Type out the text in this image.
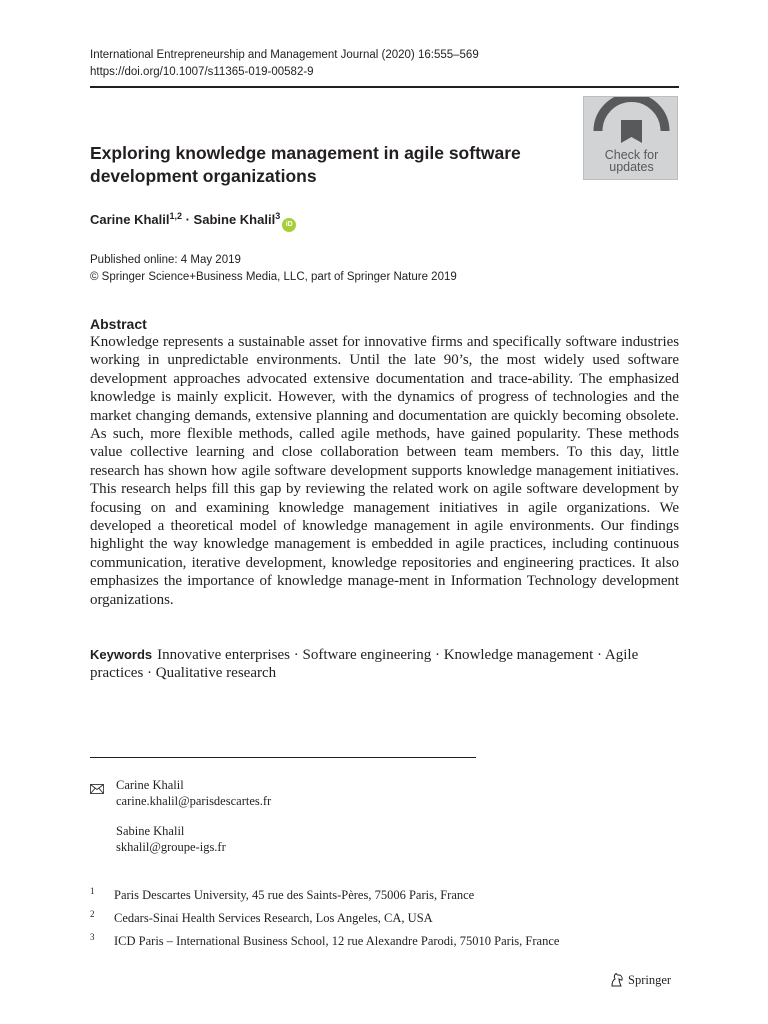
International Entrepreneurship and Management Journal (2020) 16:555–569
https://doi.org/10.1007/s11365-019-00582-9
Exploring knowledge management in agile software development organizations
Check for
updates
Carine Khalil$^{1,2}$ · Sabine Khalil$^3$iD
Published online: 4 May 2019
© Springer Science+Business Media, LLC, part of Springer Nature 2019
Abstract
Knowledge represents a sustainable asset for innovative firms and specifically software industries working in unpredictable environments. Until the late 90’s, the most widely used software development approaches advocated extensive documentation and trace-ability. The emphasized knowledge is mainly explicit. However, with the dynamics of progress of technologies and the market changing demands, extensive planning and documentation are quickly becoming obsolete. As such, more flexible methods, called agile methods, have gained popularity. These methods value collective learning and close collaboration between team members. To this day, little research has shown how agile software development supports knowledge management initiatives. This research helps fill this gap by reviewing the related work on agile software development by focusing on and examining knowledge management initiatives in agile organizations. We developed a theoretical model of knowledge management in agile environments. Our findings highlight the way knowledge management is embedded in agile practices, including continuous communication, iterative development, knowledge repositories and engineering practices. It also emphasizes the importance of knowledge manage-ment in Information Technology development organizations.
Keywords Innovative enterprises · Software engineering · Knowledge management · Agile practices · Qualitative research
Carine Khalil
carine.khalil@parisdescartes.fr
Sabine Khalil
skhalil@groupe-igs.fr
1 Paris Descartes University, 45 rue des Saints-Pères, 75006 Paris, France
2 Cedars-Sinai Health Services Research, Los Angeles, CA, USA
3 ICD Paris – International Business School, 12 rue Alexandre Parodi, 75010 Paris, France
Springer
